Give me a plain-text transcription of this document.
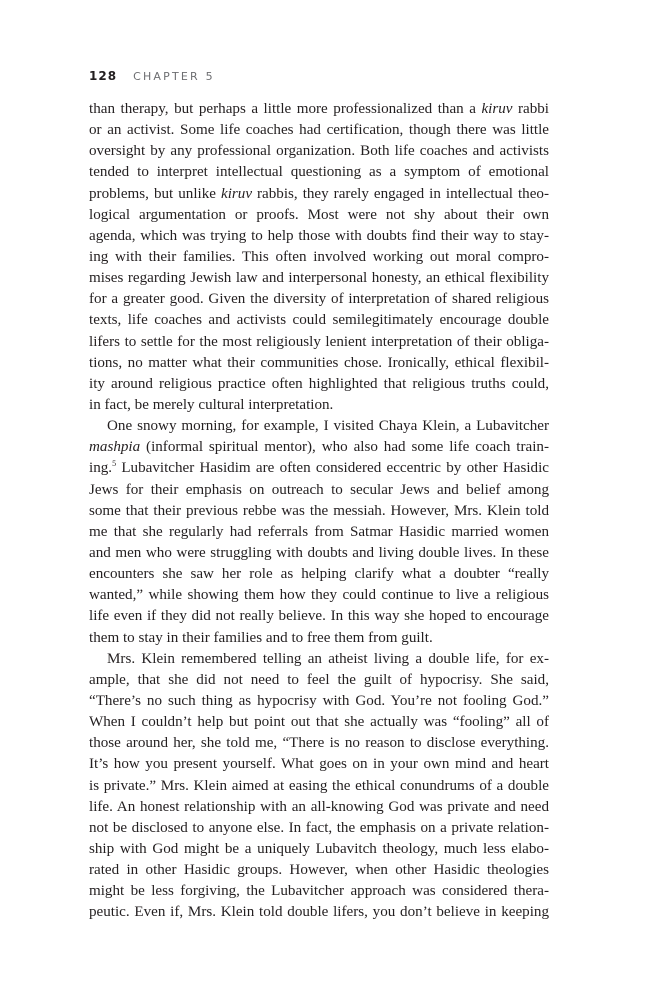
128 CHAPTER 5
than therapy, but perhaps a little more professionalized than a kiruv rabbi
or an activist. Some life coaches had certification, though there was little
oversight by any professional organization. Both life coaches and activists
tended to interpret intellectual questioning as a symptom of emotional
problems, but unlike kiruv rabbis, they rarely engaged in intellectual theo-
logical argumentation or proofs. Most were not shy about their own
agenda, which was trying to help those with doubts find their way to stay-
ing with their families. This often involved working out moral compro-
mises regarding Jewish law and interpersonal honesty, an ethical flexibility
for a greater good. Given the diversity of interpretation of shared religious
texts, life coaches and activists could semilegitimately encourage double
lifers to settle for the most religiously lenient interpretation of their obliga-
tions, no matter what their communities chose. Ironically, ethical flexibil-
ity around religious practice often highlighted that religious truths could,
in fact, be merely cultural interpretation.
One snowy morning, for example, I visited Chaya Klein, a Lubavitcher
mashpia (informal spiritual mentor), who also had some life coach train-
ing.$^5$ Lubavitcher Hasidim are often considered eccentric by other Hasidic
Jews for their emphasis on outreach to secular Jews and belief among
some that their previous rebbe was the messiah. However, Mrs. Klein told
me that she regularly had referrals from Satmar Hasidic married women
and men who were struggling with doubts and living double lives. In these
encounters she saw her role as helping clarify what a doubter “really
wanted,” while showing them how they could continue to live a religious
life even if they did not really believe. In this way she hoped to encourage
them to stay in their families and to free them from guilt.
Mrs. Klein remembered telling an atheist living a double life, for ex-
ample, that she did not need to feel the guilt of hypocrisy. She said,
“There’s no such thing as hypocrisy with God. You’re not fooling God.”
When I couldn’t help but point out that she actually was “fooling” all of
those around her, she told me, “There is no reason to disclose everything.
It’s how you present yourself. What goes on in your own mind and heart
is private.” Mrs. Klein aimed at easing the ethical conundrums of a double
life. An honest relationship with an all-knowing God was private and need
not be disclosed to anyone else. In fact, the emphasis on a private relation-
ship with God might be a uniquely Lubavitch theology, much less elabo-
rated in other Hasidic groups. However, when other Hasidic theologies
might be less forgiving, the Lubavitcher approach was considered thera-
peutic. Even if, Mrs. Klein told double lifers, you don’t believe in keeping
